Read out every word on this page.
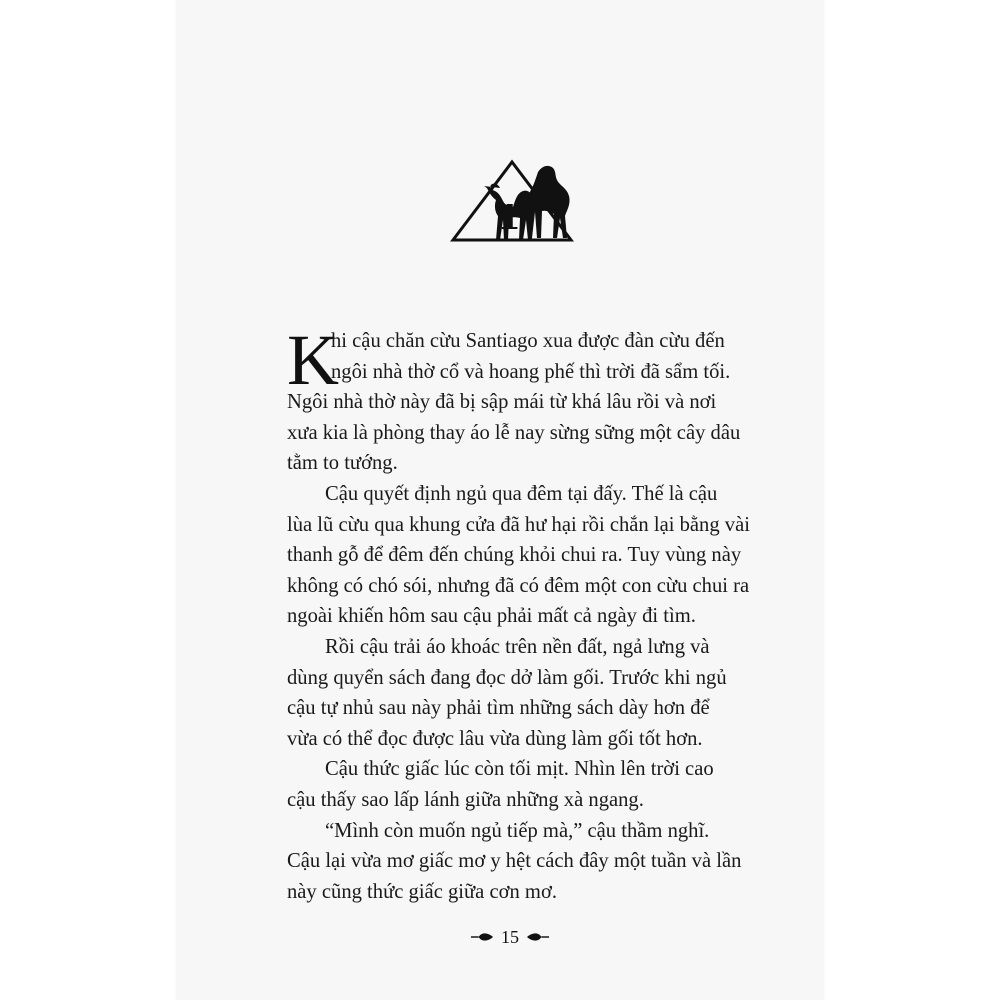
1

K
hi cậu chăn cừu Santiago xua được đàn cừu đến
ngôi nhà thờ cổ và hoang phế thì trời đã sẩm tối.
Ngôi nhà thờ này đã bị sập mái từ khá lâu rồi và nơi
xưa kia là phòng thay áo lễ nay sừng sững một cây dâu
tằm to tướng.

Cậu quyết định ngủ qua đêm tại đấy. Thế là cậu
lùa lũ cừu qua khung cửa đã hư hại rồi chắn lại bằng vài
thanh gỗ để đêm đến chúng khỏi chui ra. Tuy vùng này
không có chó sói, nhưng đã có đêm một con cừu chui ra
ngoài khiến hôm sau cậu phải mất cả ngày đi tìm.

Rồi cậu trải áo khoác trên nền đất, ngả lưng và
dùng quyển sách đang đọc dở làm gối. Trước khi ngủ
cậu tự nhủ sau này phải tìm những sách dày hơn để
vừa có thể đọc được lâu vừa dùng làm gối tốt hơn.

Cậu thức giấc lúc còn tối mịt. Nhìn lên trời cao
cậu thấy sao lấp lánh giữa những xà ngang.

“Mình còn muốn ngủ tiếp mà,” cậu thầm nghĩ.
Cậu lại vừa mơ giấc mơ y hệt cách đây một tuần và lần
này cũng thức giấc giữa cơn mơ.

15
